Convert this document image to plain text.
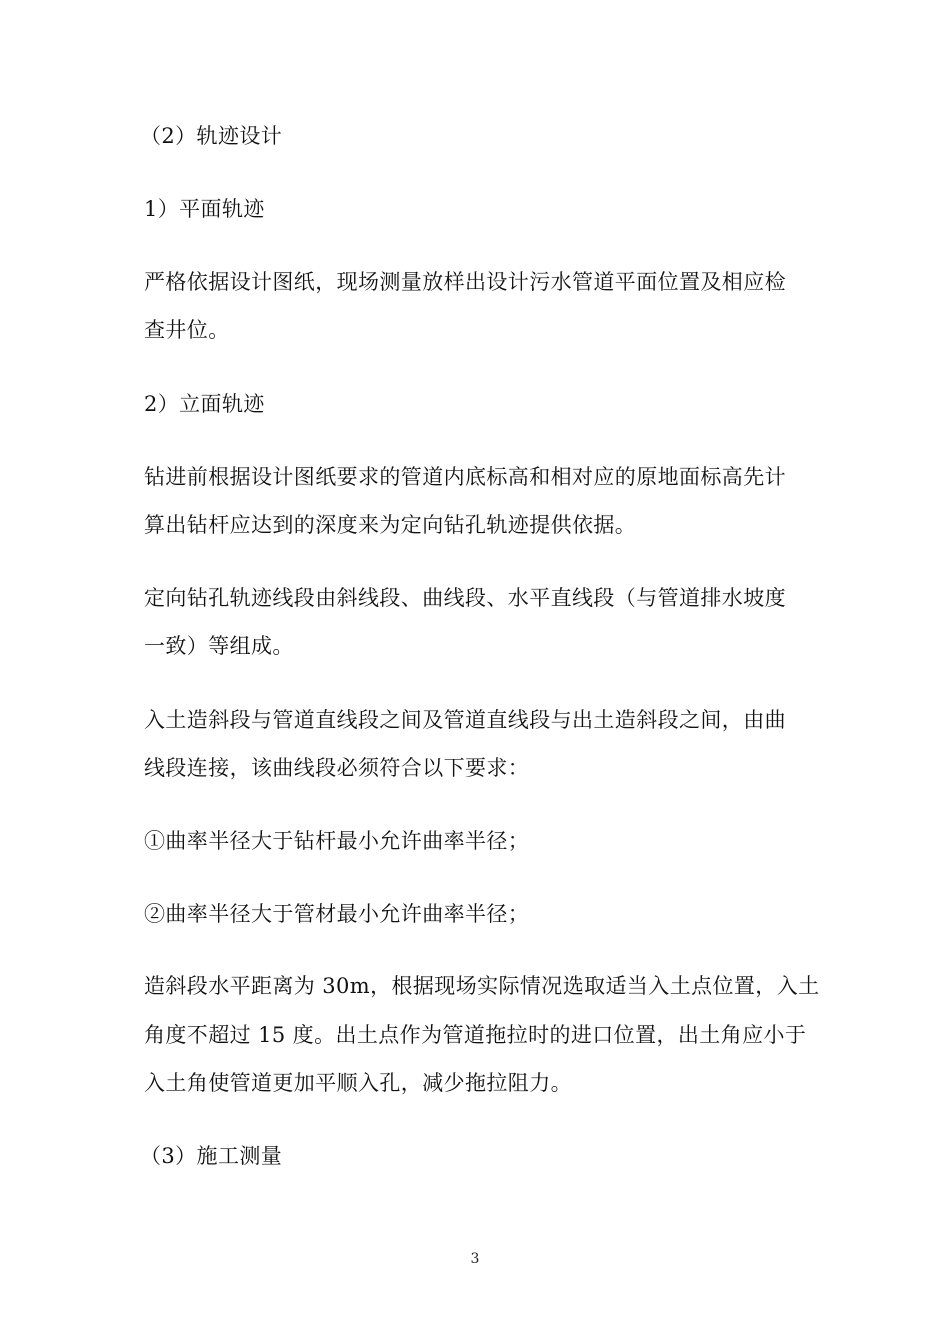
（2）轨迹设计
1）平面轨迹
严格依据设计图纸，现场测量放样出设计污水管道平面位置及相应检
查井位。
2）立面轨迹
钻进前根据设计图纸要求的管道内底标高和相对应的原地面标高先计
算出钻杆应达到的深度来为定向钻孔轨迹提供依据。
定向钻孔轨迹线段由斜线段、曲线段、水平直线段（与管道排水坡度
一致）等组成。
入土造斜段与管道直线段之间及管道直线段与出土造斜段之间，由曲
线段连接，该曲线段必须符合以下要求：
①曲率半径大于钻杆最小允许曲率半径；
②曲率半径大于管材最小允许曲率半径；
造斜段水平距离为 30m，根据现场实际情况选取适当入土点位置，入土
角度不超过 15 度。出土点作为管道拖拉时的进口位置，出土角应小于
入土角使管道更加平顺入孔，减少拖拉阻力。
（3）施工测量
3
